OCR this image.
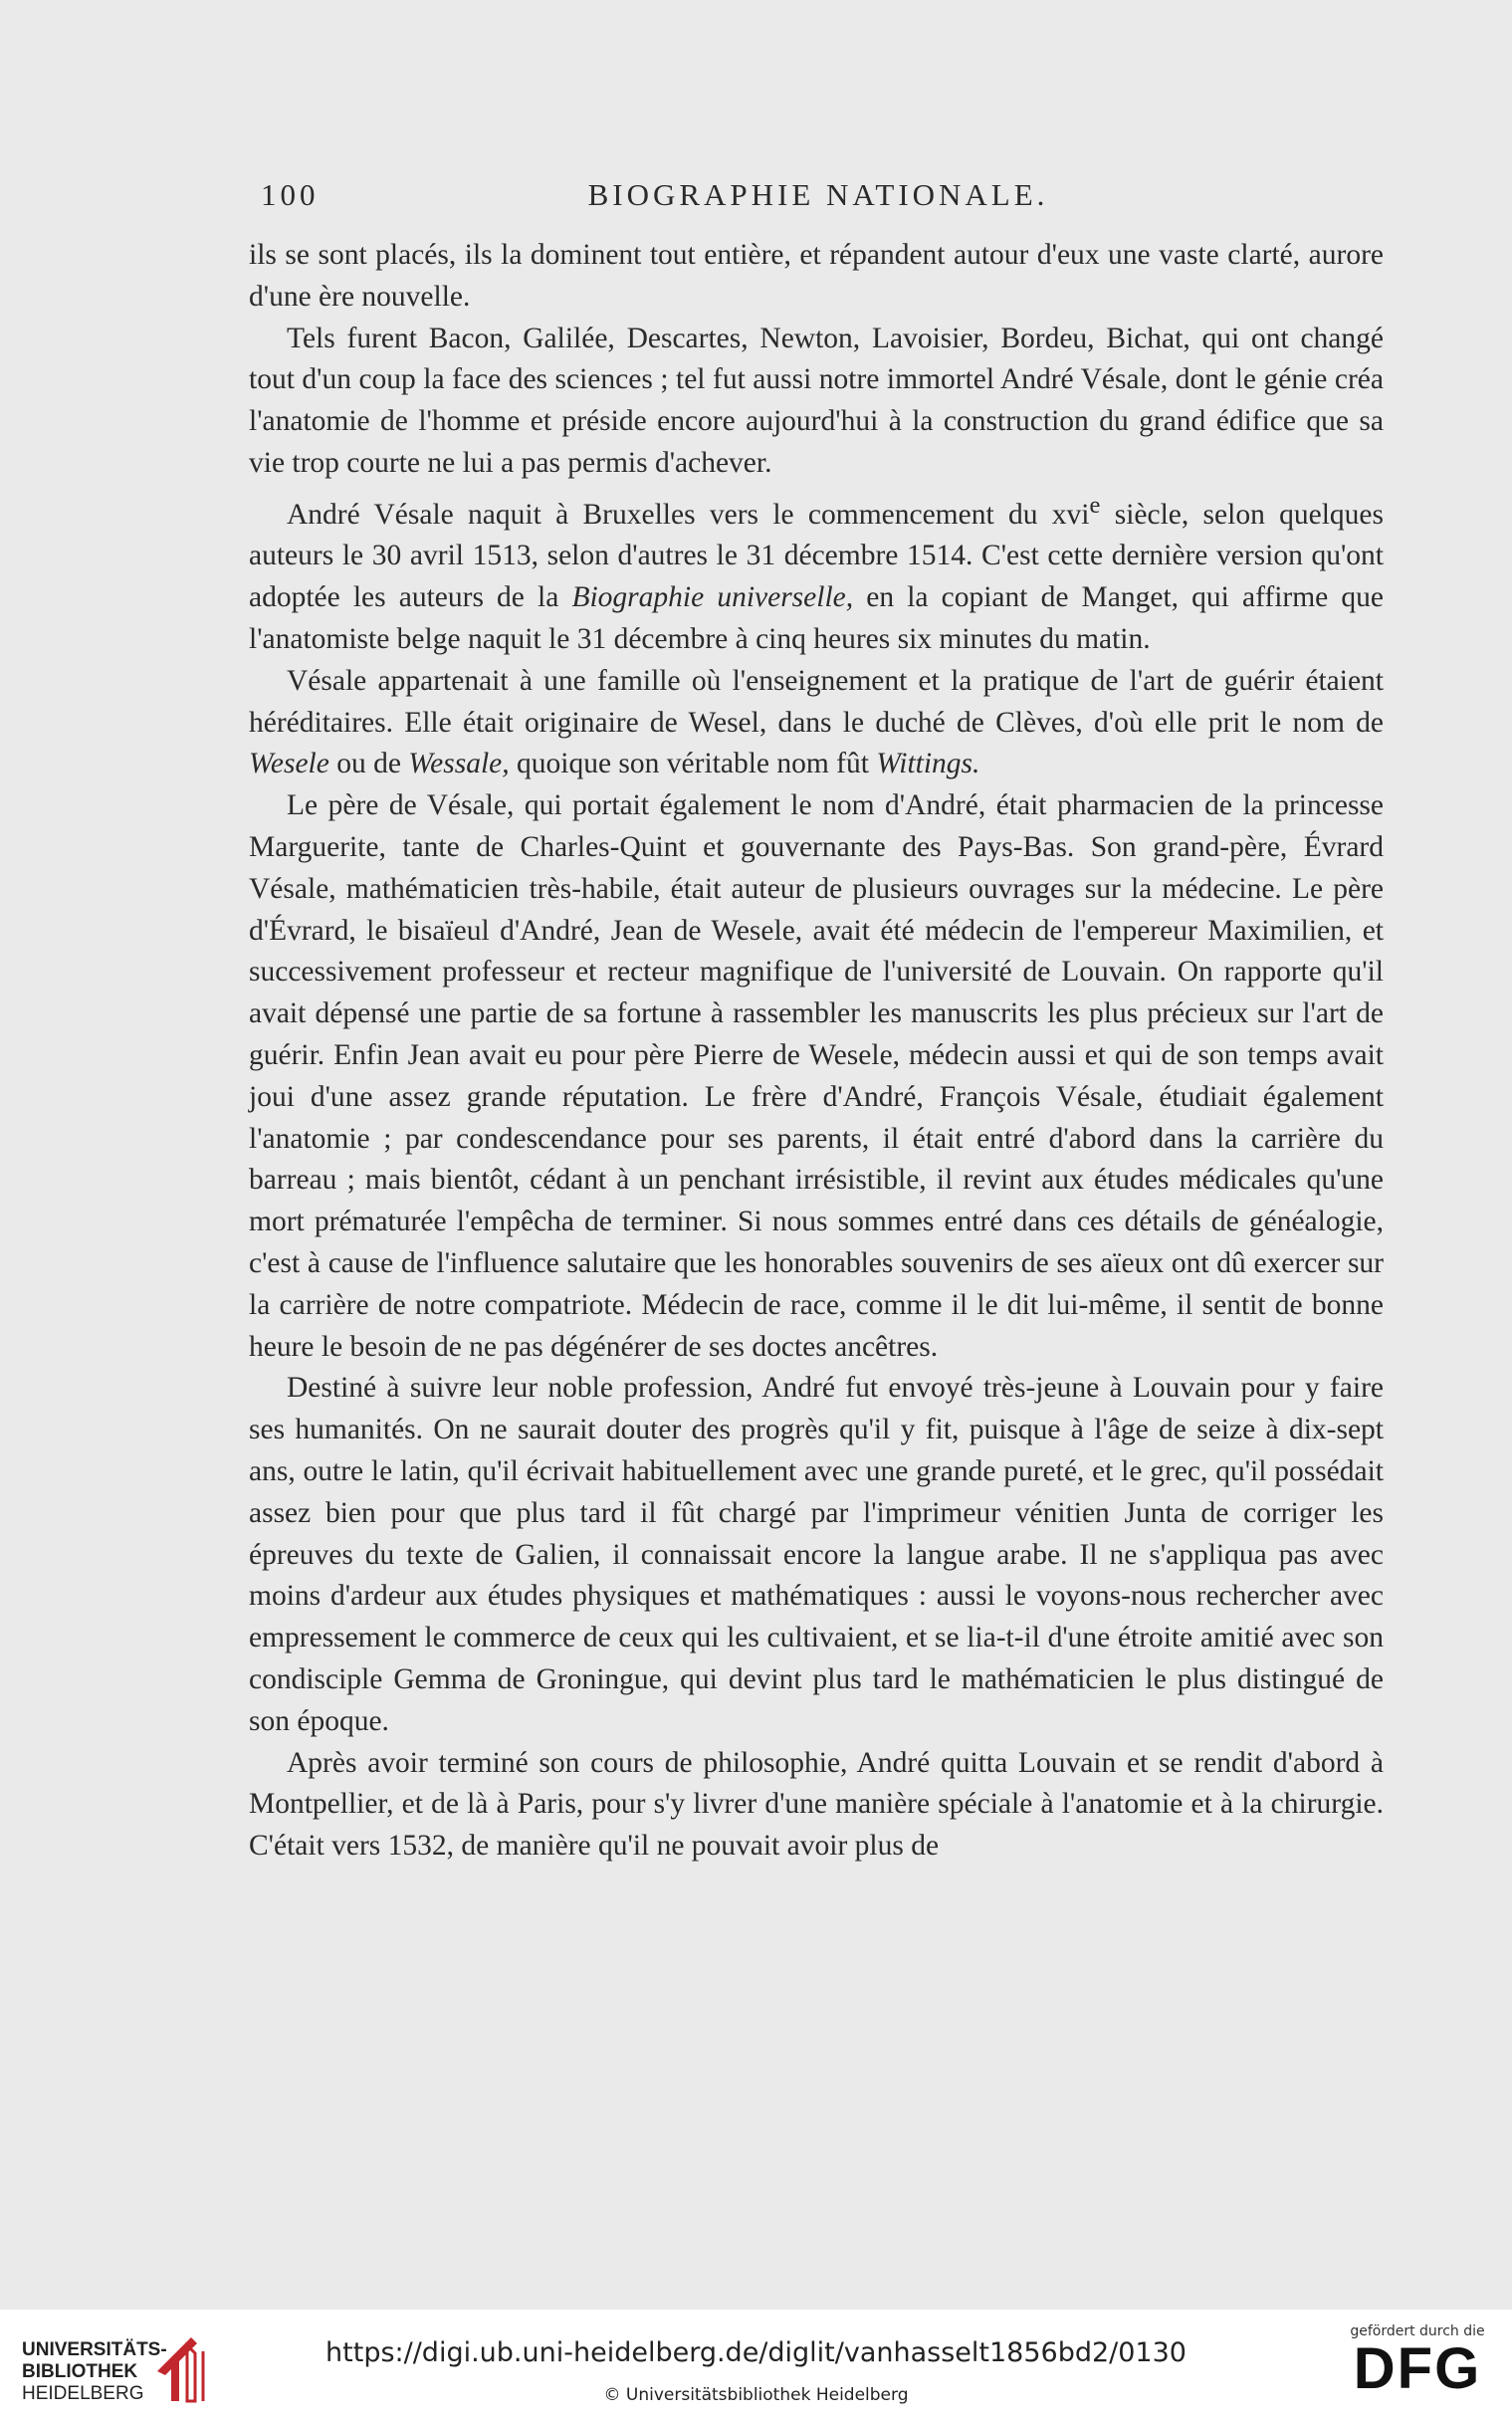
100	BIOGRAPHIE NATIONALE.

ils se sont placés, ils la dominent tout entière, et répandent autour d'eux une vaste clarté, aurore d'une ère nouvelle.

Tels furent Bacon, Galilée, Descartes, Newton, Lavoisier, Bordeu, Bichat, qui ont changé tout d'un coup la face des sciences ; tel fut aussi notre immortel André Vésale, dont le génie créa l'anatomie de l'homme et préside encore aujourd'hui à la construction du grand édifice que sa vie trop courte ne lui a pas permis d'achever.

André Vésale naquit à Bruxelles vers le commencement du xvi$^e$ siècle, selon quelques auteurs le 30 avril 1513, selon d'autres le 31 décembre 1514. C'est cette dernière version qu'ont adoptée les auteurs de la Biographie universelle, en la copiant de Manget, qui affirme que l'anatomiste belge naquit le 31 décembre à cinq heures six minutes du matin.

Vésale appartenait à une famille où l'enseignement et la pratique de l'art de guérir étaient héréditaires. Elle était originaire de Wesel, dans le duché de Clèves, d'où elle prit le nom de Wesele ou de Wessale, quoique son véritable nom fût Wittings.

Le père de Vésale, qui portait également le nom d'André, était pharmacien de la princesse Marguerite, tante de Charles-Quint et gouvernante des Pays-Bas. Son grand-père, Évrard Vésale, mathématicien très-habile, était auteur de plusieurs ouvrages sur la médecine. Le père d'Évrard, le bisaïeul d'André, Jean de Wesele, avait été médecin de l'empereur Maximilien, et successivement professeur et recteur magnifique de l'université de Louvain. On rapporte qu'il avait dépensé une partie de sa fortune à rassembler les manuscrits les plus précieux sur l'art de guérir. Enfin Jean avait eu pour père Pierre de Wesele, médecin aussi et qui de son temps avait joui d'une assez grande réputation. Le frère d'André, François Vésale, étudiait également l'anatomie ; par condescendance pour ses parents, il était entré d'abord dans la carrière du barreau ; mais bientôt, cédant à un penchant irrésistible, il revint aux études médicales qu'une mort prématurée l'empêcha de terminer. Si nous sommes entré dans ces détails de généalogie, c'est à cause de l'influence salutaire que les honorables souvenirs de ses aïeux ont dû exercer sur la carrière de notre compatriote. Médecin de race, comme il le dit lui-même, il sentit de bonne heure le besoin de ne pas dégénérer de ses doctes ancêtres.

Destiné à suivre leur noble profession, André fut envoyé très-jeune à Louvain pour y faire ses humanités. On ne saurait douter des progrès qu'il y fit, puisque à l'âge de seize à dix-sept ans, outre le latin, qu'il écrivait habituellement avec une grande pureté, et le grec, qu'il possédait assez bien pour que plus tard il fût chargé par l'imprimeur vénitien Junta de corriger les épreuves du texte de Galien, il connaissait encore la langue arabe. Il ne s'appliqua pas avec moins d'ardeur aux études physiques et mathématiques : aussi le voyons-nous rechercher avec empressement le commerce de ceux qui les cultivaient, et se lia-t-il d'une étroite amitié avec son condisciple Gemma de Groningue, qui devint plus tard le mathématicien le plus distingué de son époque.

Après avoir terminé son cours de philosophie, André quitta Louvain et se rendit d'abord à Montpellier, et de là à Paris, pour s'y livrer d'une manière spéciale à l'anatomie et à la chirurgie. C'était vers 1532, de manière qu'il ne pouvait avoir plus de

UNIVERSITÄTS-
BIBLIOTHEK
HEIDELBERG
https://digi.ub.uni-heidelberg.de/diglit/vanhasselt1856bd2/0130
© Universitätsbibliothek Heidelberg
gefördert durch die
DFG
